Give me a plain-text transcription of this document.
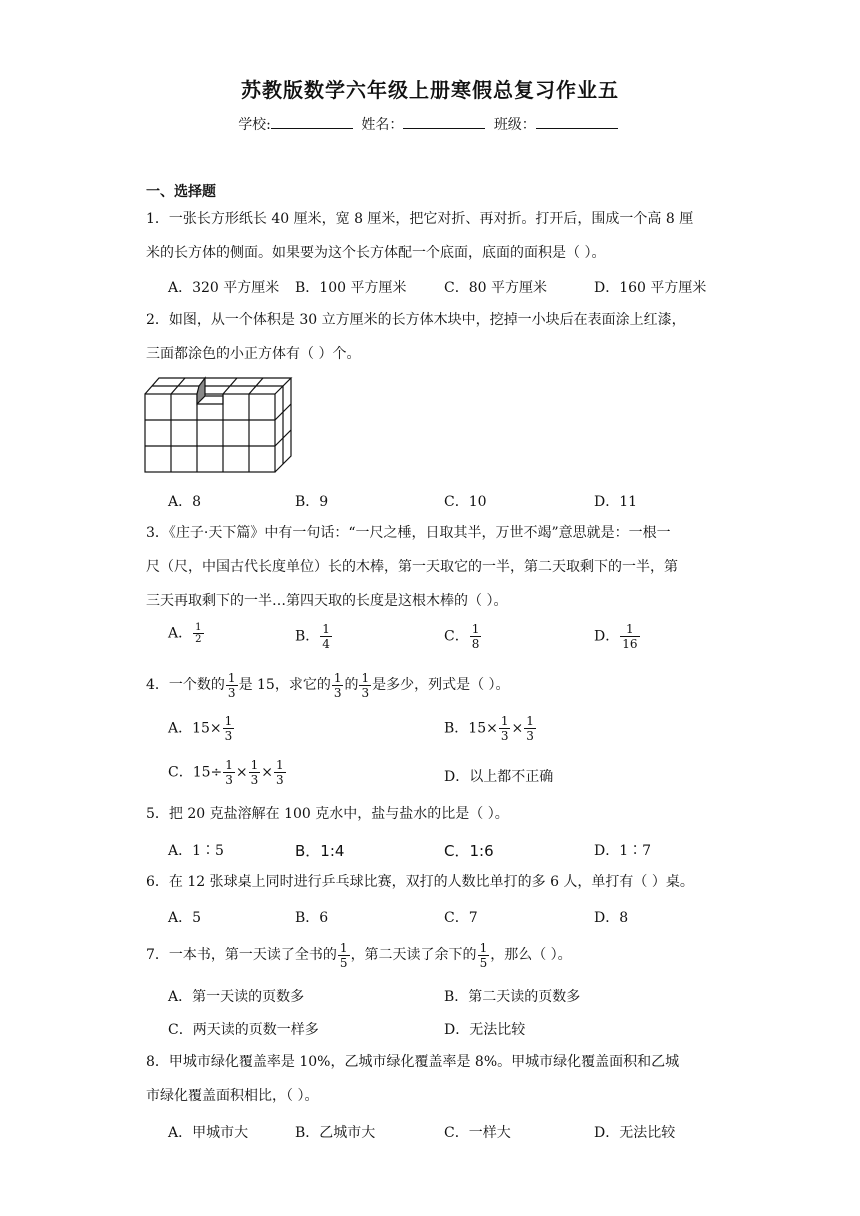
苏教版数学六年级上册寒假总复习作业五
学校:	姓名：	班级：
一、选择题
1．一张长方形纸长 40 厘米，宽 8 厘米，把它对折、再对折。打开后，围成一个高 8 厘
米的长方体的侧面。如果要为这个长方体配一个底面，底面的面积是（ ）。
A．320 平方厘米 B．100 平方厘米	C．80 平方厘米	D．160 平方厘米
2．如图，从一个体积是 30 立方厘米的长方体木块中，挖掉一小块后在表面涂上红漆，
三面都涂色的小正方体有（ ）个。
A．8	B．9	C．10	D．11
3．《庄子·天下篇》中有一句话：“一尺之棰，日取其半，万世不竭”意思就是：一根一
尺（尺，中国古代长度单位）长的木棒，第一天取它的一半，第二天取剩下的一半，第
三天再取剩下的一半…第四天取的长度是这根木棒的（ ）。
A． $\frac{1}{2}$	B． $\frac{1}{4}$	C． $\frac{1}{8}$	D． $\frac{1}{16}$
4．一个数的 $\frac{1}{3}$ 是 15，求它的 $\frac{1}{3}$ 的 $\frac{1}{3}$ 是多少，列式是（ ）。
A．$15\times \frac{1}{3}$	B．$15\times \frac{1}{3} \times \frac{1}{3}$
C．$15\div \frac{1}{3} \times \frac{1}{3} \times \frac{1}{3}$	D．以上都不正确
5．把 20 克盐溶解在 100 克水中，盐与盐水的比是（ ）。
A．1∶5	B．1:4	C．1:6	D．1∶7
6．在 12 张球桌上同时进行乒乓球比赛，双打的人数比单打的多 6 人，单打有（ ）桌。
A．5	B．6	C．7	D．8
7．一本书，第一天读了全书的 $\frac{1}{5}$ ，第二天读了余下的 $\frac{1}{5}$ ，那么（ ）。
A．第一天读的页数多	B．第二天读的页数多
C．两天读的页数一样多	D．无法比较
8．甲城市绿化覆盖率是 10%，乙城市绿化覆盖率是 8%。甲城市绿化覆盖面积和乙城
市绿化覆盖面积相比，（ ）。
A．甲城市大	B．乙城市大	C．一样大	D．无法比较
